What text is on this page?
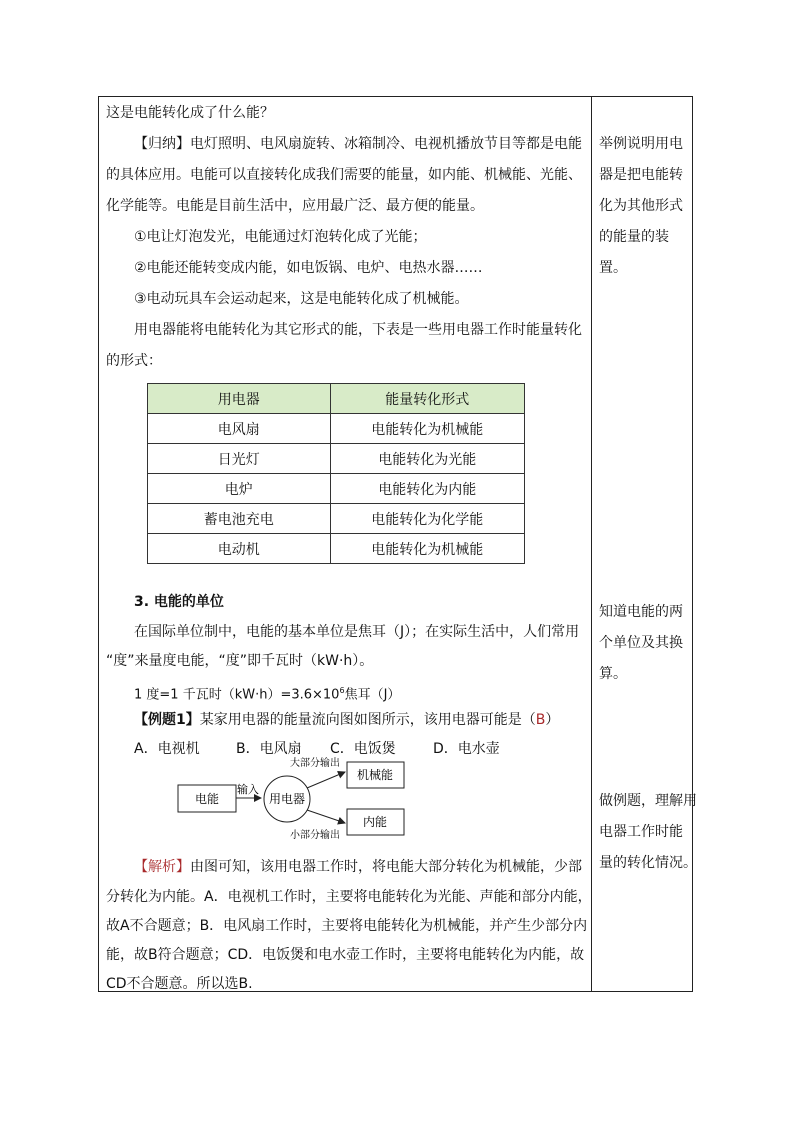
这是电能转化成了什么能？
【归纳】电灯照明、电风扇旋转、冰箱制冷、电视机播放节目等都是电能
的具体应用。电能可以直接转化成我们需要的能量，如内能、机械能、光能、
化学能等。电能是目前生活中，应用最广泛、最方便的能量。
①电让灯泡发光，电能通过灯泡转化成了光能；
②电能还能转变成内能，如电饭锅、电炉、电热水器……
③电动玩具车会运动起来，这是电能转化成了机械能。
用电器能将电能转化为其它形式的能，下表是一些用电器工作时能量转化
的形式：
用电器	能量转化形式
电风扇	电能转化为机械能
日光灯	电能转化为光能
电炉	电能转化为内能
蓄电池充电	电能转化为化学能
电动机	电能转化为机械能
3. 电能的单位
在国际单位制中，电能的基本单位是焦耳（J）；在实际生活中，人们常用
“度”来量度电能，“度”即千瓦时（kW·h）。
1 度=1 千瓦时$(kW\cdot h)=3.6\times 10^6$焦耳（J）
【例题1】某家用电器的能量流向图如图所示，该用电器可能是（B）
A．电视机	B．电风扇 C．电饭煲	D．电水壶
电能
输入
用电器
大部分输出
小部分输出
机械能
内能
【解析】由图可知，该用电器工作时，将电能大部分转化为机械能，少部
分转化为内能。A．电视机工作时，主要将电能转化为光能、声能和部分内能，
故A不合题意；B．电风扇工作时，主要将电能转化为机械能，并产生少部分内
能，故B符合题意；CD．电饭煲和电水壶工作时，主要将电能转化为内能，故
CD不合题意。所以选B.
举例说明用电
器是把电能转
化为其他形式
的能量的装
置。
知道电能的两
个单位及其换
算。
做例题，理解用
电器工作时能
量的转化情况。
